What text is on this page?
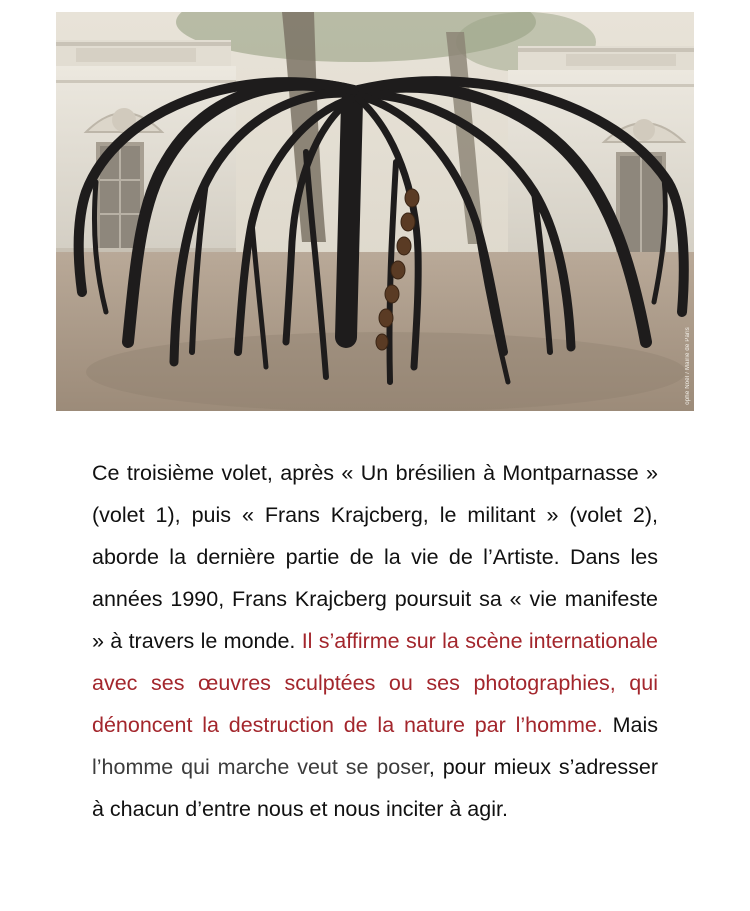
ophe Noël / Mairie de Paris

Ce troisième volet, après « Un brésilien à Montparnasse » (volet 1), puis « Frans Krajcberg, le militant » (volet 2), aborde la dernière partie de la vie de l’Artiste. Dans les années 1990, Frans Krajcberg poursuit sa « vie manifeste » à travers le monde. Il s’affirme sur la scène internationale avec ses œuvres sculptées ou ses photographies, qui dénoncent la destruction de la nature par l’homme. Mais l’homme qui marche veut se poser, pour mieux s’adresser à chacun d’entre nous et nous inciter à agir.
